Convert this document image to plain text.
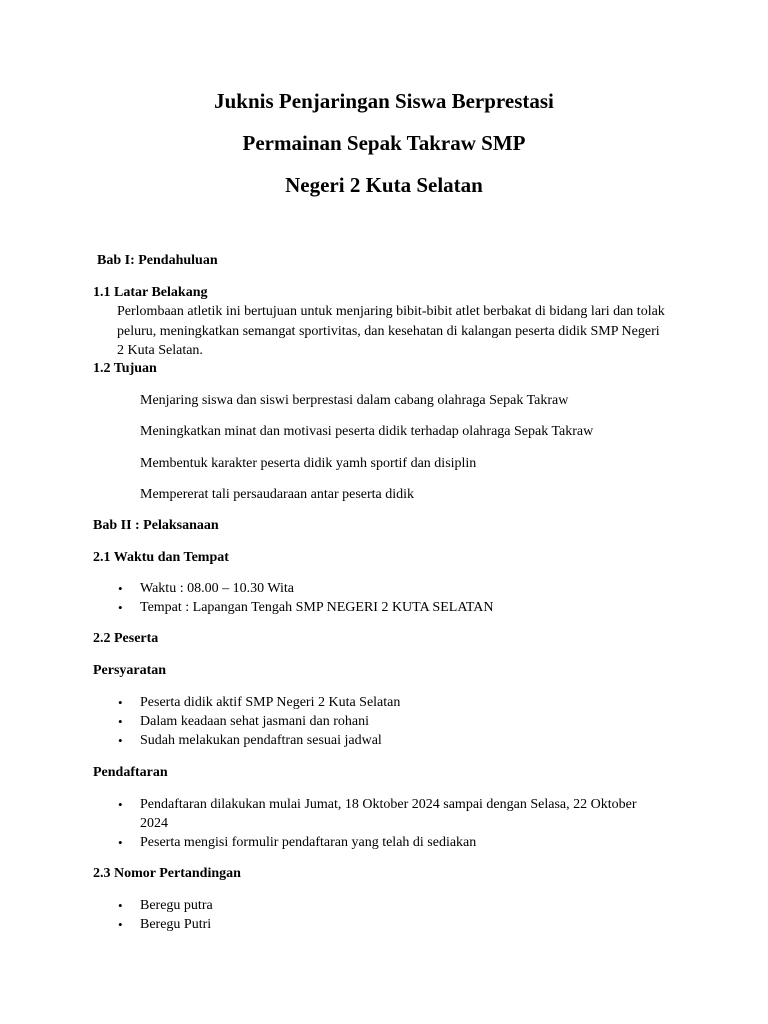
Juknis Penjaringan Siswa Berprestasi
Permainan Sepak Takraw SMP
Negeri 2 Kuta Selatan
Bab I: Pendahuluan
1.1 Latar Belakang

Perlombaan atletik ini bertujuan untuk menjaring bibit-bibit atlet berbakat di bidang lari dan tolak peluru, meningkatkan semangat sportivitas, dan kesehatan di kalangan peserta didik SMP Negeri 2 Kuta Selatan.

1.2 Tujuan
Menjaring siswa dan siswi berprestasi dalam cabang olahraga Sepak Takraw
Meningkatkan minat dan motivasi peserta didik terhadap olahraga Sepak Takraw
Membentuk karakter peserta didik yamh sportif dan disiplin
Mempererat tali persaudaraan antar peserta didik
Bab II : Pelaksanaan
2.1 Waktu dan Tempat
• Waktu : 08.00 – 10.30 Wita
• Tempat : Lapangan Tengah SMP NEGERI 2 KUTA SELATAN
2.2 Peserta
Persyaratan
• Peserta didik aktif SMP Negeri 2 Kuta Selatan
• Dalam keadaan sehat jasmani dan rohani
• Sudah melakukan pendaftran sesuai jadwal
Pendaftaran
• Pendaftaran dilakukan mulai Jumat, 18 Oktober 2024 sampai dengan Selasa, 22 Oktober 2024
• Peserta mengisi formulir pendaftaran yang telah di sediakan
2.3 Nomor Pertandingan
• Beregu putra
• Beregu Putri
